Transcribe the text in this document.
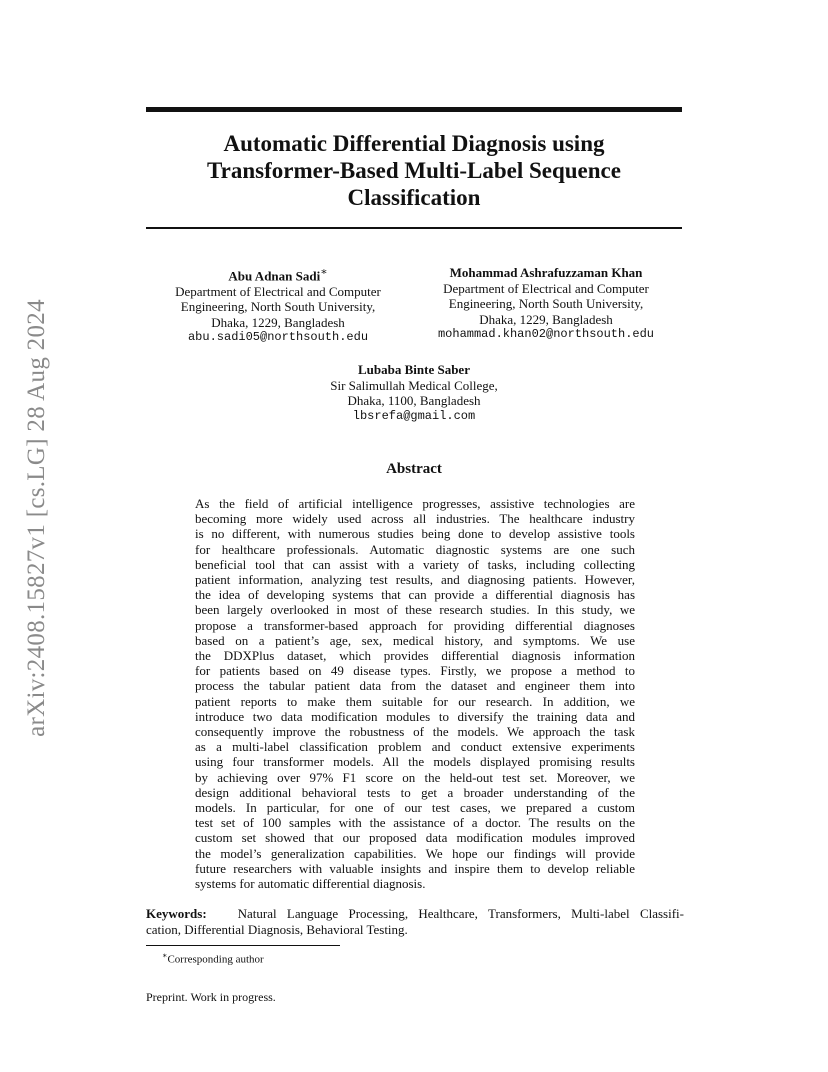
arXiv:2408.15827v1 [cs.LG] 28 Aug 2024
Automatic Differential Diagnosis using
Transformer-Based Multi-Label Sequence
Classification
Abu Adnan Sadi∗
Department of Electrical and Computer
Engineering, North South University,
Dhaka, 1229, Bangladesh
abu.sadi05@northsouth.edu
Mohammad Ashrafuzzaman Khan
Department of Electrical and Computer
Engineering, North South University,
Dhaka, 1229, Bangladesh
mohammad.khan02@northsouth.edu
Lubaba Binte Saber
Sir Salimullah Medical College,
Dhaka, 1100, Bangladesh
lbsrefa@gmail.com
Abstract
As the field of artificial intelligence progresses, assistive technologies are
becoming more widely used across all industries. The healthcare industry
is no different, with numerous studies being done to develop assistive tools
for healthcare professionals. Automatic diagnostic systems are one such
beneficial tool that can assist with a variety of tasks, including collecting
patient information, analyzing test results, and diagnosing patients. However,
the idea of developing systems that can provide a differential diagnosis has
been largely overlooked in most of these research studies. In this study, we
propose a transformer-based approach for providing differential diagnoses
based on a patient’s age, sex, medical history, and symptoms. We use
the DDXPlus dataset, which provides differential diagnosis information
for patients based on 49 disease types. Firstly, we propose a method to
process the tabular patient data from the dataset and engineer them into
patient reports to make them suitable for our research. In addition, we
introduce two data modification modules to diversify the training data and
consequently improve the robustness of the models. We approach the task
as a multi-label classification problem and conduct extensive experiments
using four transformer models. All the models displayed promising results
by achieving over 97% F1 score on the held-out test set. Moreover, we
design additional behavioral tests to get a broader understanding of the
models. In particular, for one of our test cases, we prepared a custom
test set of 100 samples with the assistance of a doctor. The results on the
custom set showed that our proposed data modification modules improved
the model’s generalization capabilities. We hope our findings will provide
future researchers with valuable insights and inspire them to develop reliable
systems for automatic differential diagnosis.
Keywords: Natural Language Processing, Healthcare, Transformers, Multi-label Classifi-
cation, Differential Diagnosis, Behavioral Testing.
∗Corresponding author
Preprint. Work in progress.
